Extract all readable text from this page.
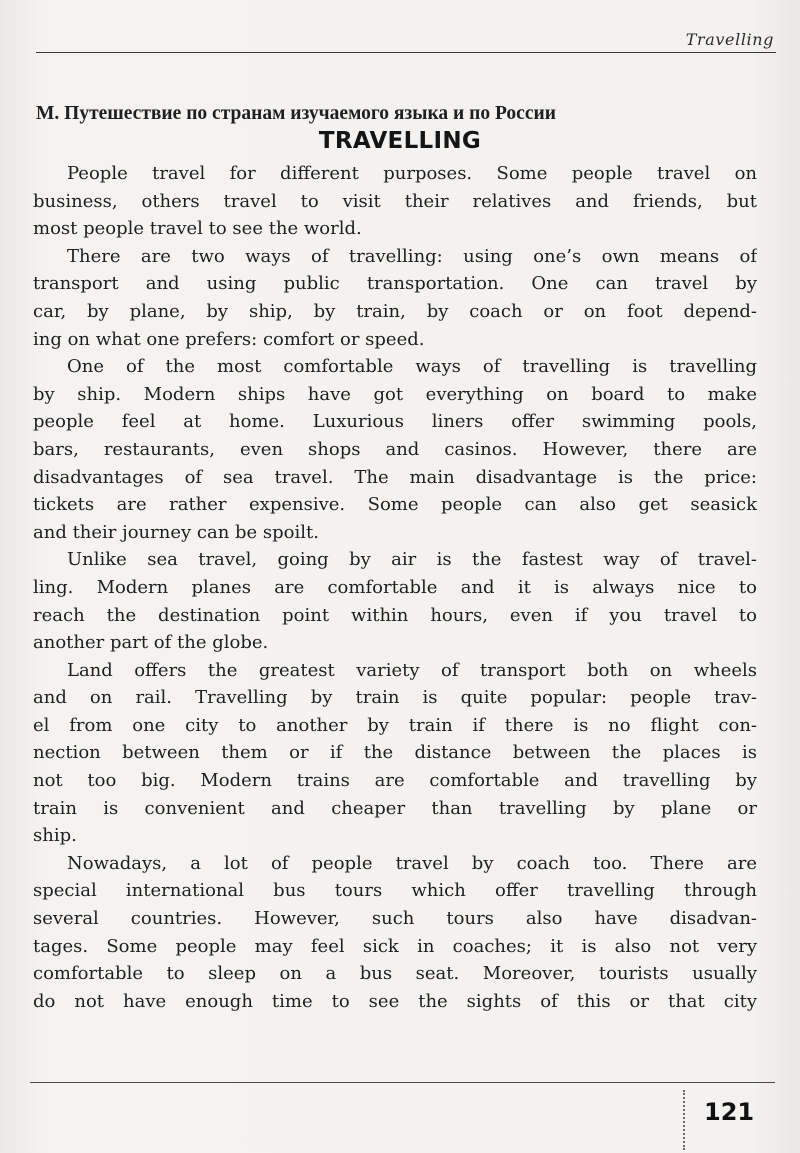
Travelling
M. Путешествие по странам изучаемого языка и по России
TRAVELLING
People travel for different purposes. Some people travel on
business, others travel to visit their relatives and friends, but
most people travel to see the world.
There are two ways of travelling: using one’s own means of
transport and using public transportation. One can travel by
car, by plane, by ship, by train, by coach or on foot depend-
ing on what one prefers: comfort or speed.
One of the most comfortable ways of travelling is travelling
by ship. Modern ships have got everything on board to make
people feel at home. Luxurious liners offer swimming pools,
bars, restaurants, even shops and casinos. However, there are
disadvantages of sea travel. The main disadvantage is the price:
tickets are rather expensive. Some people can also get seasick
and their journey can be spoilt.
Unlike sea travel, going by air is the fastest way of travel-
ling. Modern planes are comfortable and it is always nice to
reach the destination point within hours, even if you travel to
another part of the globe.
Land offers the greatest variety of transport both on wheels
and on rail. Travelling by train is quite popular: people trav-
el from one city to another by train if there is no flight con-
nection between them or if the distance between the places is
not too big. Modern trains are comfortable and travelling by
train is convenient and cheaper than travelling by plane or
ship.
Nowadays, a lot of people travel by coach too. There are
special international bus tours which offer travelling through
several countries. However, such tours also have disadvan-
tages. Some people may feel sick in coaches; it is also not very
comfortable to sleep on a bus seat. Moreover, tourists usually
do not have enough time to see the sights of this or that city
121
